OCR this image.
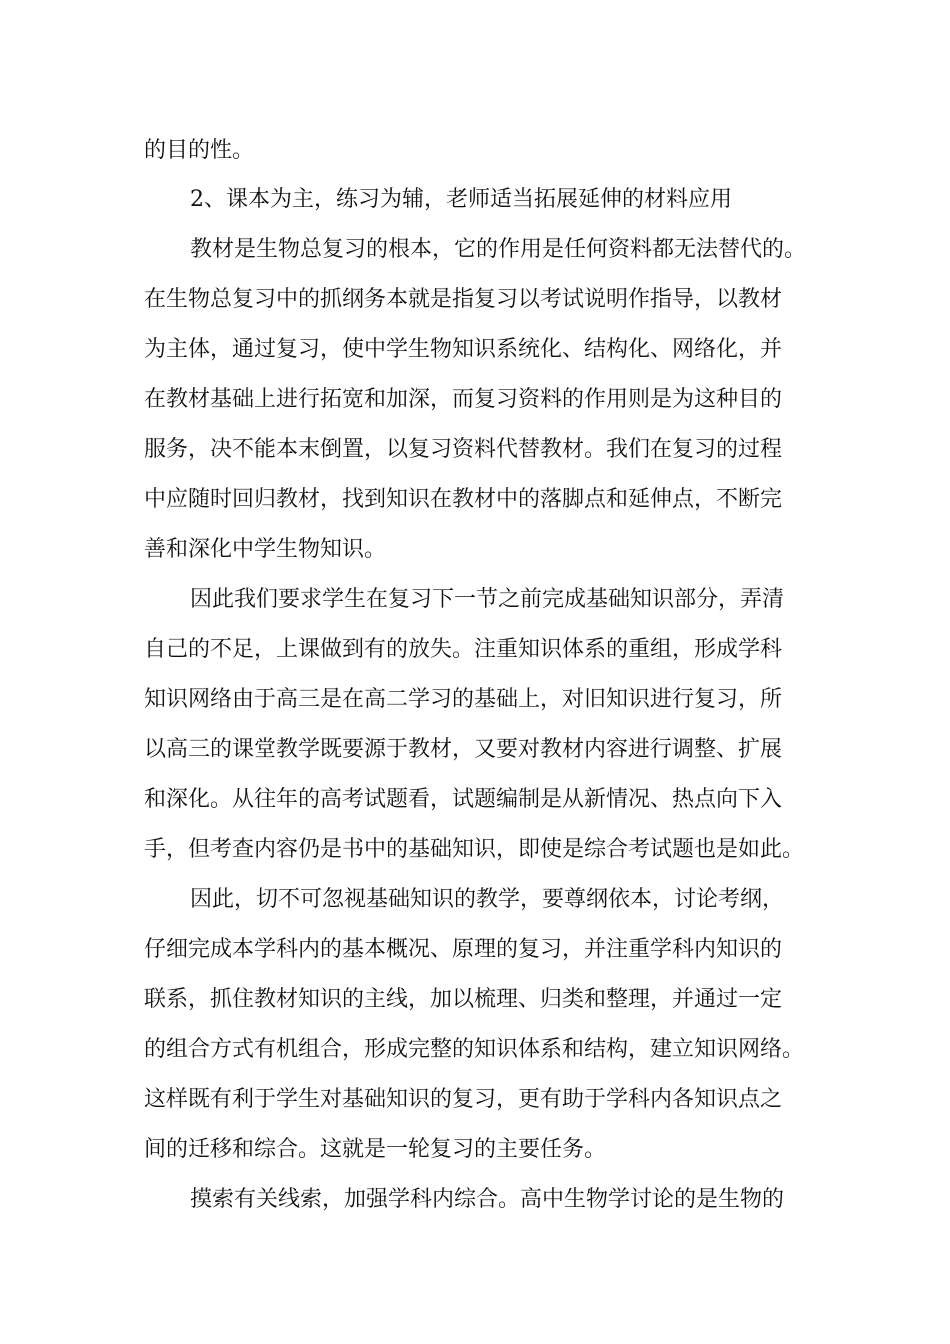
的目的性。
2、课本为主，练习为辅，老师适当拓展延伸的材料应用
教材是生物总复习的根本，它的作用是任何资料都无法替代的。
在生物总复习中的抓纲务本就是指复习以考试说明作指导，以教材
为主体，通过复习，使中学生物知识系统化、结构化、网络化，并
在教材基础上进行拓宽和加深，而复习资料的作用则是为这种目的
服务，决不能本末倒置，以复习资料代替教材。我们在复习的过程
中应随时回归教材，找到知识在教材中的落脚点和延伸点，不断完
善和深化中学生物知识。
因此我们要求学生在复习下一节之前完成基础知识部分，弄清
自己的不足，上课做到有的放失。注重知识体系的重组，形成学科
知识网络由于高三是在高二学习的基础上，对旧知识进行复习，所
以高三的课堂教学既要源于教材，又要对教材内容进行调整、扩展
和深化。从往年的高考试题看，试题编制是从新情况、热点向下入
手，但考查内容仍是书中的基础知识，即使是综合考试题也是如此。
因此，切不可忽视基础知识的教学，要尊纲依本，讨论考纲，
仔细完成本学科内的基本概况、原理的复习，并注重学科内知识的
联系，抓住教材知识的主线，加以梳理、归类和整理，并通过一定
的组合方式有机组合，形成完整的知识体系和结构，建立知识网络。
这样既有利于学生对基础知识的复习，更有助于学科内各知识点之
间的迁移和综合。这就是一轮复习的主要任务。
摸索有关线索，加强学科内综合。高中生物学讨论的是生物的
